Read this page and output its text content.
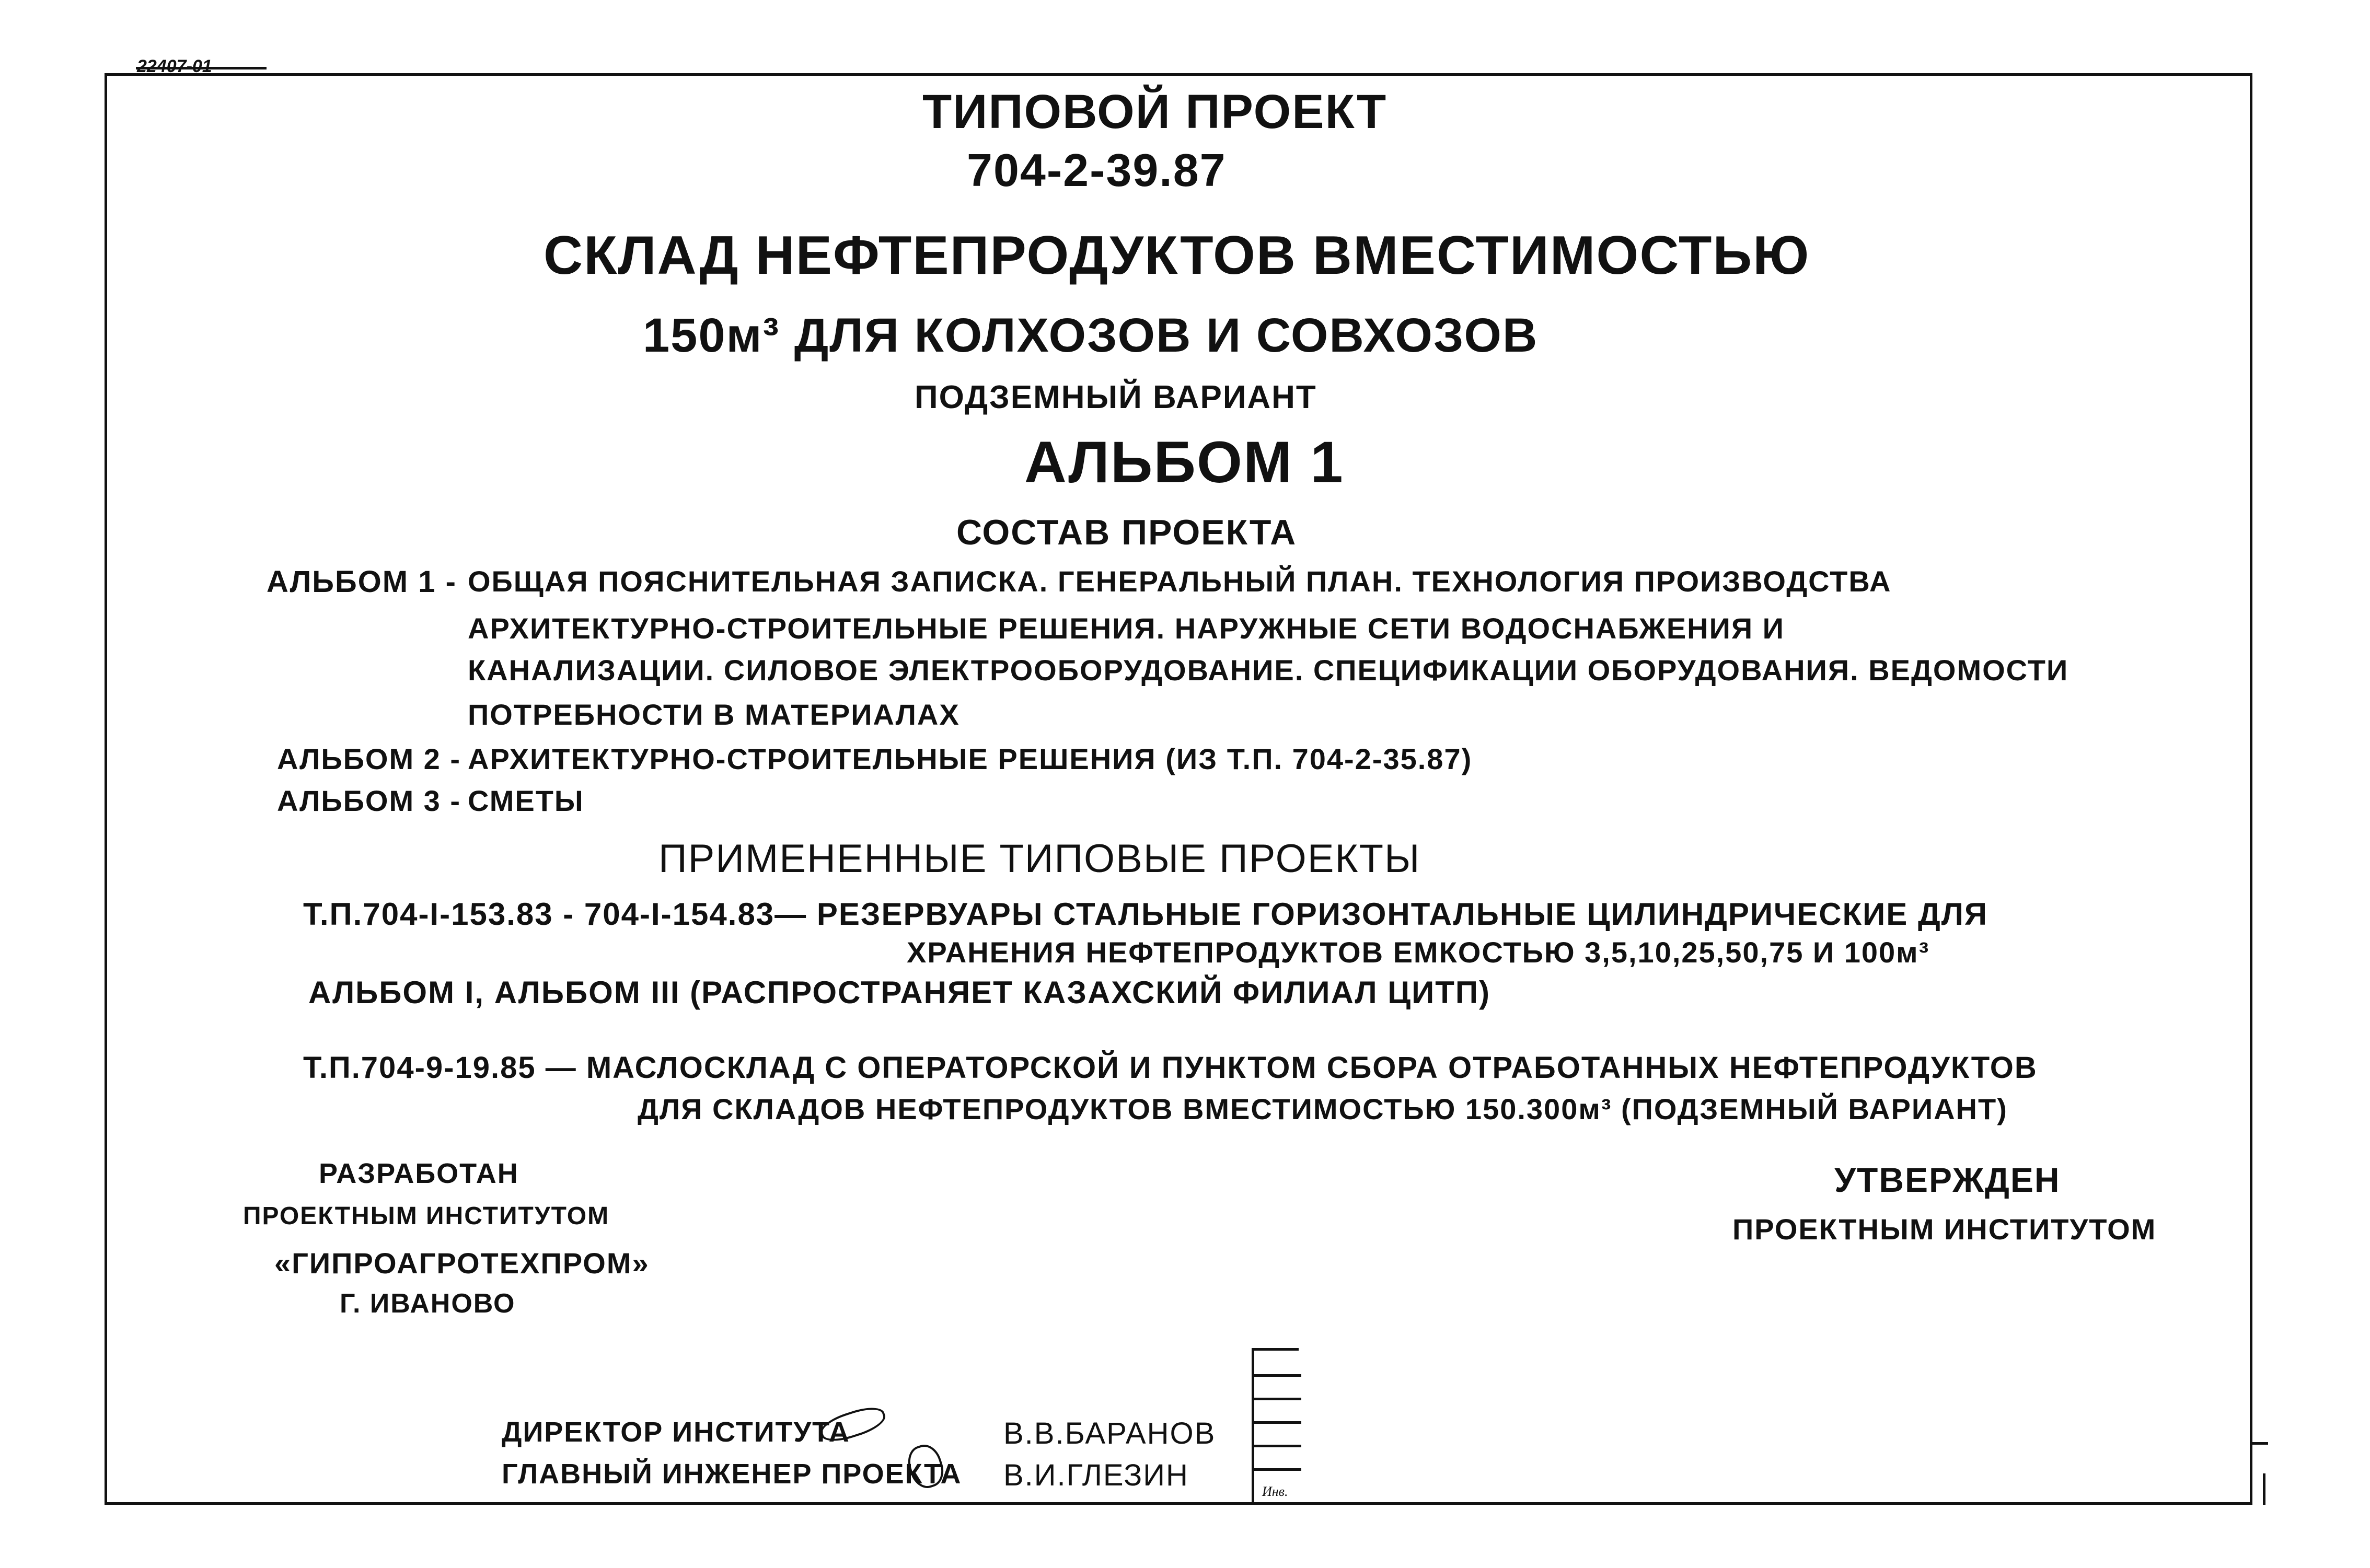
22407-01
ТИПОВОЙ ПРОЕКТ
704-2-39.87
СКЛАД НЕФТЕПРОДУКТОВ ВМЕСТИМОСТЬЮ
150м³ ДЛЯ КОЛХОЗОВ И СОВХОЗОВ
ПОДЗЕМНЫЙ ВАРИАНТ
АЛЬБОМ 1
СОСТАВ ПРОЕКТА
АЛЬБОМ 1 - ОБЩАЯ ПОЯСНИТЕЛЬНАЯ ЗАПИСКА. ГЕНЕРАЛЬНЫЙ ПЛАН. ТЕХНОЛОГИЯ ПРОИЗВОДСТВА
АРХИТЕКТУРНО-СТРОИТЕЛЬНЫЕ РЕШЕНИЯ. НАРУЖНЫЕ СЕТИ ВОДОСНАБЖЕНИЯ И
КАНАЛИЗАЦИИ. СИЛОВОЕ ЭЛЕКТРООБОРУДОВАНИЕ. СПЕЦИФИКАЦИИ ОБОРУДОВАНИЯ. ВЕДОМОСТИ
ПОТРЕБНОСТИ В МАТЕРИАЛАХ
АЛЬБОМ 2 - АРХИТЕКТУРНО-СТРОИТЕЛЬНЫЕ РЕШЕНИЯ (ИЗ Т.П. 704-2-35.87)
АЛЬБОМ 3 - СМЕТЫ
ПРИМЕНЕННЫЕ ТИПОВЫЕ ПРОЕКТЫ
Т.П.704-I-153.83 - 704-I-154.83— РЕЗЕРВУАРЫ СТАЛЬНЫЕ ГОРИЗОНТАЛЬНЫЕ ЦИЛИНДРИЧЕСКИЕ ДЛЯ
ХРАНЕНИЯ НЕФТЕПРОДУКТОВ ЕМКОСТЬЮ 3,5,10,25,50,75 И 100м³
АЛЬБОМ I, АЛЬБОМ III (РАСПРОСТРАНЯЕТ КАЗАХСКИЙ ФИЛИАЛ ЦИТП)
Т.П.704-9-19.85 — МАСЛОСКЛАД С ОПЕРАТОРСКОЙ И ПУНКТОМ СБОРА ОТРАБОТАННЫХ НЕФТЕПРОДУКТОВ
ДЛЯ СКЛАДОВ НЕФТЕПРОДУКТОВ ВМЕСТИМОСТЬЮ 150.300м³ (ПОДЗЕМНЫЙ ВАРИАНТ)
РАЗРАБОТАН
ПРОЕКТНЫМ ИНСТИТУТОМ
«ГИПРОАГРОТЕХПРОМ»
Г. ИВАНОВО
УТВЕРЖДЕН
ПРОЕКТНЫМ ИНСТИТУТОМ
ДИРЕКТОР ИНСТИТУТА	В.В.БАРАНОВ
ГЛАВНЫЙ ИНЖЕНЕР ПРОЕКТА В.И.ГЛЕЗИН	Инв.
